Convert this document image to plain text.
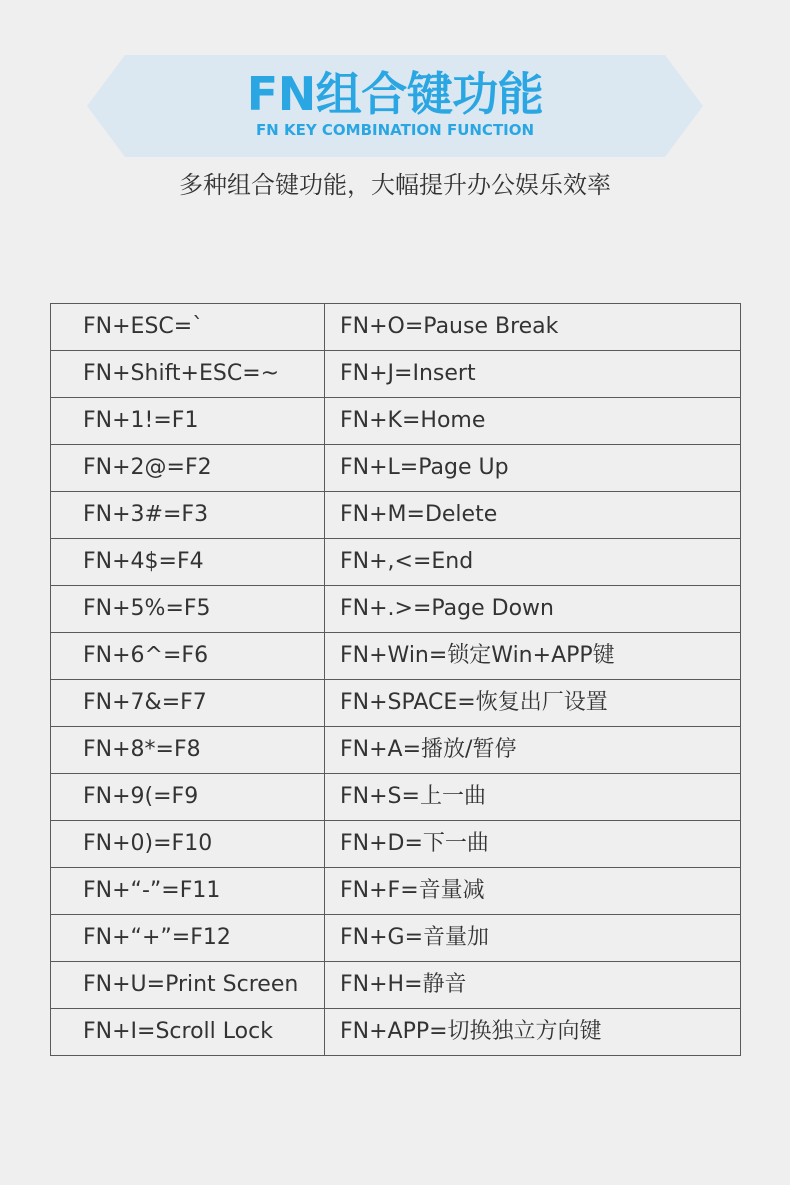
FN组合键功能
FN KEY COMBINATION FUNCTION
多种组合键功能，大幅提升办公娱乐效率
FN+ESC=`	FN+O=Pause Break
FN+Shift+ESC=~	FN+J=Insert
FN+1!=F1	FN+K=Home
FN+2@=F2	FN+L=Page Up
FN+3#=F3	FN+M=Delete
FN+4$=F4	FN+,<=End
FN+5%=F5	FN+.>=Page Down
FN+6^=F6	FN+Win=锁定Win+APP键
FN+7&=F7	FN+SPACE=恢复出厂设置
FN+8*=F8	FN+A=播放/暂停
FN+9(=F9	FN+S=上一曲
FN+0)=F10	FN+D=下一曲
FN+“-”=F11	FN+F=音量减
FN+“+”=F12	FN+G=音量加
FN+U=Print Screen	FN+H=静音
FN+I=Scroll Lock	FN+APP=切换独立方向键
